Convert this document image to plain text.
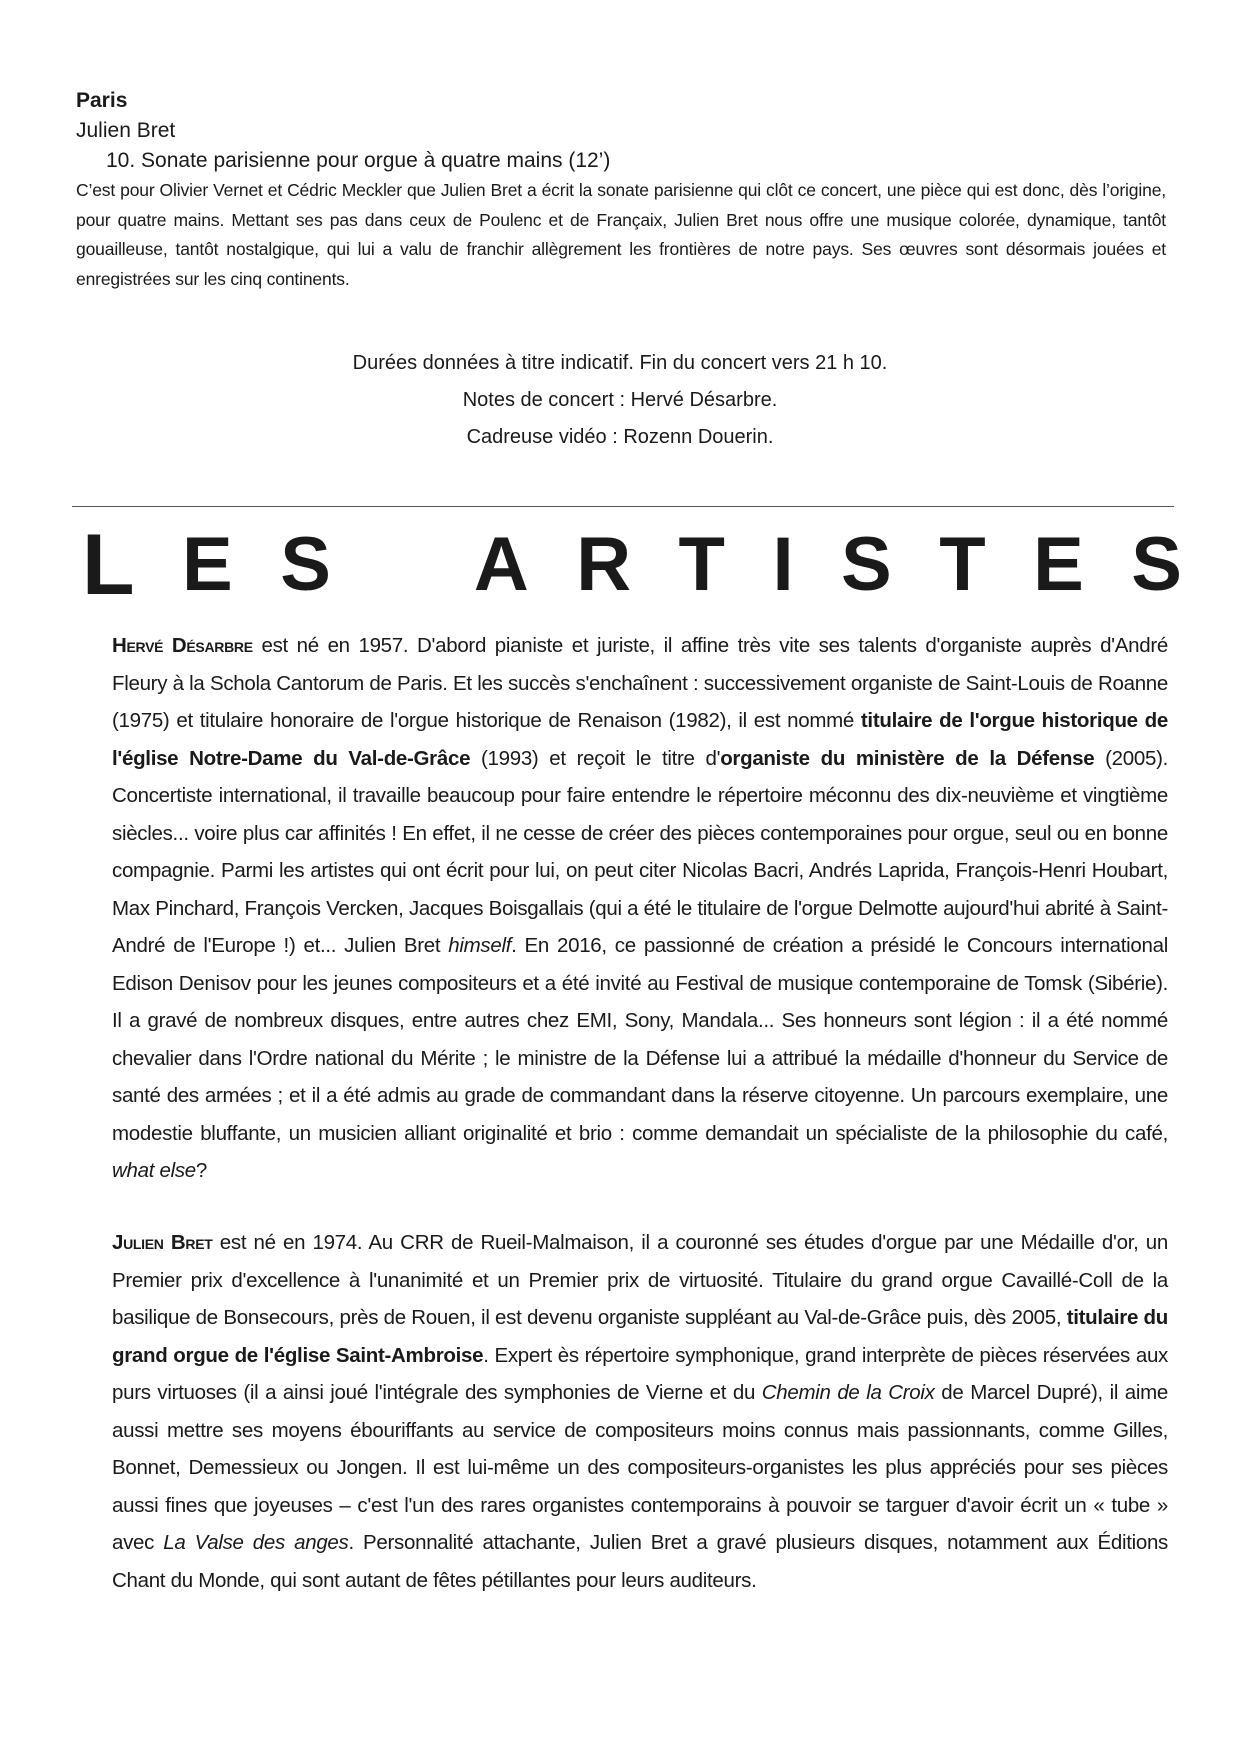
Paris
Julien Bret
10. Sonate parisienne pour orgue à quatre mains (12’)
C’est pour Olivier Vernet et Cédric Meckler que Julien Bret a écrit la sonate parisienne qui clôt ce concert, une pièce qui est donc, dès l’origine, pour quatre mains. Mettant ses pas dans ceux de Poulenc et de Françaix, Julien Bret nous offre une musique colorée, dynamique, tantôt gouailleuse, tantôt nostalgique, qui lui a valu de franchir allègrement les frontières de notre pays. Ses œuvres sont désormais jouées et enregistrées sur les cinq continents.
Durées données à titre indicatif. Fin du concert vers 21 h 10.
Notes de concert : Hervé Désarbre.
Cadreuse vidéo : Rozenn Douerin.
L E S
A R T I S T E S
Hervé Désarbre est né en 1957. D'abord pianiste et juriste, il affine très vite ses talents d'organiste auprès d'André Fleury à la Schola Cantorum de Paris. Et les succès s'enchaînent : successivement organiste de Saint-Louis de Roanne (1975) et titulaire honoraire de l'orgue historique de Renaison (1982), il est nommé titulaire de l'orgue historique de l'église Notre-Dame du Val-de-Grâce (1993) et reçoit le titre d'organiste du ministère de la Défense (2005). Concertiste international, il travaille beaucoup pour faire entendre le répertoire méconnu des dix-neuvième et vingtième siècles... voire plus car affinités ! En effet, il ne cesse de créer des pièces contemporaines pour orgue, seul ou en bonne compagnie. Parmi les artistes qui ont écrit pour lui, on peut citer Nicolas Bacri, Andrés Laprida, François-Henri Houbart, Max Pinchard, François Vercken, Jacques Boisgallais (qui a été le titulaire de l'orgue Delmotte aujourd'hui abrité à Saint-André de l'Europe !) et... Julien Bret himself. En 2016, ce passionné de création a présidé le Concours international Edison Denisov pour les jeunes compositeurs et a été invité au Festival de musique contemporaine de Tomsk (Sibérie). Il a gravé de nombreux disques, entre autres chez EMI, Sony, Mandala... Ses honneurs sont légion : il a été nommé chevalier dans l'Ordre national du Mérite ; le ministre de la Défense lui a attribué la médaille d'honneur du Service de santé des armées ; et il a été admis au grade de commandant dans la réserve citoyenne. Un parcours exemplaire, une modestie bluffante, un musicien alliant originalité et brio : comme demandait un spécialiste de la philosophie du café, what else?
Julien Bret est né en 1974. Au CRR de Rueil-Malmaison, il a couronné ses études d'orgue par une Médaille d'or, un Premier prix d'excellence à l'unanimité et un Premier prix de virtuosité. Titulaire du grand orgue Cavaillé-Coll de la basilique de Bonsecours, près de Rouen, il est devenu organiste suppléant au Val-de-Grâce puis, dès 2005, titulaire du grand orgue de l'église Saint-Ambroise. Expert ès répertoire symphonique, grand interprète de pièces réservées aux purs virtuoses (il a ainsi joué l'intégrale des symphonies de Vierne et du Chemin de la Croix de Marcel Dupré), il aime aussi mettre ses moyens ébouriffants au service de compositeurs moins connus mais passionnants, comme Gilles, Bonnet, Demessieux ou Jongen. Il est lui-même un des compositeurs-organistes les plus appréciés pour ses pièces aussi fines que joyeuses – c'est l'un des rares organistes contemporains à pouvoir se targuer d'avoir écrit un « tube » avec La Valse des anges. Personnalité attachante, Julien Bret a gravé plusieurs disques, notamment aux Éditions Chant du Monde, qui sont autant de fêtes pétillantes pour leurs auditeurs.
